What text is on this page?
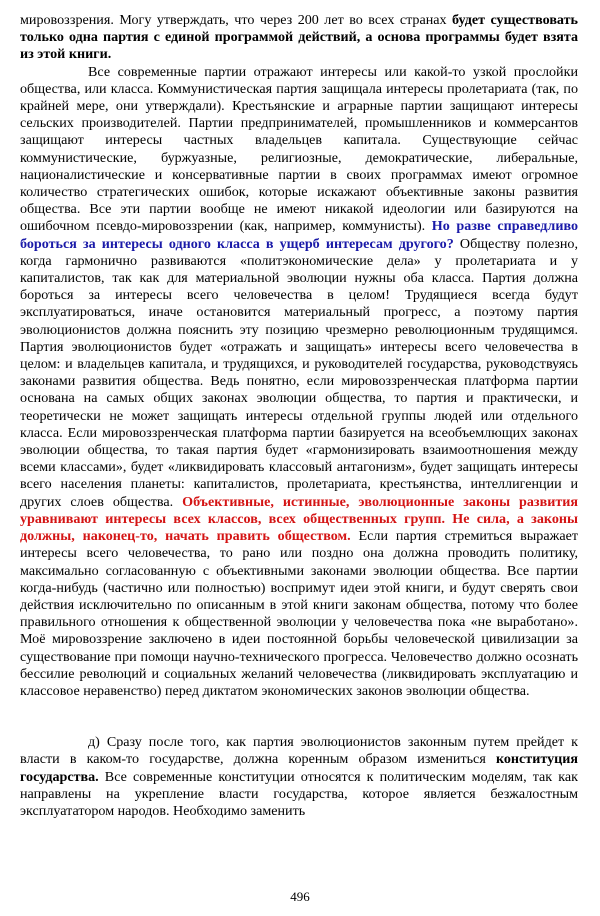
мировоззрения. Могу утверждать, что через 200 лет во всех странах будет существовать только одна партия с единой программой действий, а основа программы будет взята из этой книги.

Все современные партии отражают интересы или какой-то узкой прослойки общества, или класса. Коммунистическая партия защищала интересы пролетариата (так, по крайней мере, они утверждали). Крестьянские и аграрные партии защищают интересы сельских производителей. Партии предпринимателей, промышленников и коммерсантов защищают интересы частных владельцев капитала. Существующие сейчас коммунистические, буржуазные, религиозные, демократические, либеральные, националистические и консервативные партии в своих программах имеют огромное количество стратегических ошибок, которые искажают объективные законы развития общества. Все эти партии вообще не имеют никакой идеологии или базируются на ошибочном псевдо-мировоззрении (как, например, коммунисты). Но разве справедливо бороться за интересы одного класса в ущерб интересам другого? Обществу полезно, когда гармонично развиваются «политэкономические дела» у пролетариата и у капиталистов, так как для материальной эволюции нужны оба класса. Партия должна бороться за интересы всего человечества в целом! Трудящиеся всегда будут эксплуатироваться, иначе остановится материальный прогресс, а поэтому партия эволюционистов должна пояснить эту позицию чрезмерно революционным трудящимся. Партия эволюционистов будет «отражать и защищать» интересы всего человечества в целом: и владельцев капитала, и трудящихся, и руководителей государства, руководствуясь законами развития общества. Ведь понятно, если мировоззренческая платформа партии основана на самых общих законах эволюции общества, то партия и практически, и теоретически не может защищать интересы отдельной группы людей или отдельного класса. Если мировоззренческая платформа партии базируется на всеобъемлющих законах эволюции общества, то такая партия будет «гармонизировать взаимоотношения между всеми классами», будет «ликвидировать классовый антагонизм», будет защищать интересы всего населения планеты: капиталистов, пролетариата, крестьянства, интеллигенции и других слоев общества. Объективные, истинные, эволюционные законы развития уравнивают интересы всех классов, всех общественных групп. Не сила, а законы должны, наконец-то, начать править обществом. Если партия стремиться выражает интересы всего человечества, то рано или поздно она должна проводить политику, максимально согласованную с объективными законами эволюции общества. Все партии когда-нибудь (частично или полностью) воспримут идеи этой книги, и будут сверять свои действия исключительно по описанным в этой книги законам общества, потому что более правильного отношения к общественной эволюции у человечества пока «не выработано». Моё мировоззрение заключено в идеи постоянной борьбы человеческой цивилизации за существование при помощи научно-технического прогресса. Человечество должно осознать бессилие революций и социальных желаний человечества (ликвидировать эксплуатацию и классовое неравенство) перед диктатом экономических законов эволюции общества.

д) Сразу после того, как партия эволюционистов законным путем прейдет к власти в каком-то государстве, должна коренным образом измениться конституция государства. Все современные конституции относятся к политическим моделям, так как направлены на укрепление власти государства, которое является безжалостным эксплуататором народов. Необходимо заменить

496
